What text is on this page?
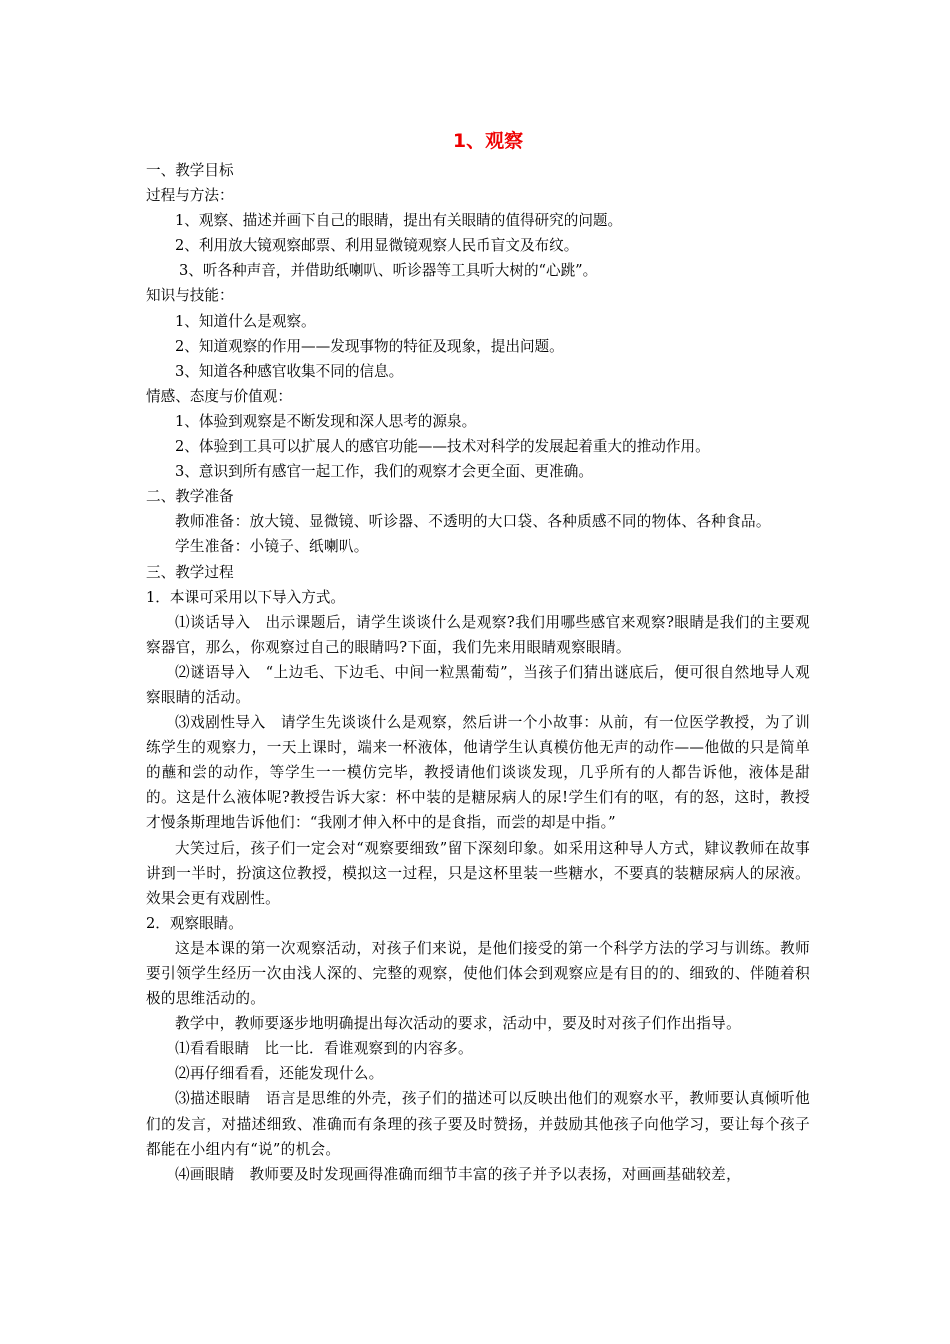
1、观察

一、教学目标

过程与方法：

1、观察、描述并画下自己的眼睛，提出有关眼睛的值得研究的问题。

2、利用放大镜观察邮票、利用显微镜观察人民币盲文及布纹。

3、听各种声音，并借助纸喇叭、听诊器等工具听大树的“心跳”。

知识与技能：

1、知道什么是观察。

2、知道观察的作用——发现事物的特征及现象，提出问题。

3、知道各种感官收集不同的信息。

情感、态度与价值观：

1、体验到观察是不断发现和深人思考的源泉。

2、体验到工具可以扩展人的感官功能——技术对科学的发展起着重大的推动作用。

3、意识到所有感官一起工作，我们的观察才会更全面、更准确。

二、教学准备

教师准备：放大镜、显微镜、听诊器、不透明的大口袋、各种质感不同的物体、各种食品。

学生准备：小镜子、纸喇叭。

三、教学过程

1．本课可采用以下导入方式。

⑴谈话导入　出示课题后，请学生谈谈什么是观察?我们用哪些感官来观察?眼睛是我们的主要观察器官，那么，你观察过自己的眼睛吗?下面，我们先来用眼睛观察眼睛。

⑵谜语导入　“上边毛、下边毛、中间一粒黑葡萄”，当孩子们猜出谜底后，便可很自然地导人观察眼睛的活动。

⑶戏剧性导入　请学生先谈谈什么是观察，然后讲一个小故事：从前，有一位医学教授，为了训练学生的观察力，一天上课时，端来一杯液体，他请学生认真模仿他无声的动作——他做的只是简单的蘸和尝的动作，等学生一一模仿完毕，教授请他们谈谈发现，几乎所有的人都告诉他，液体是甜的。这是什么液体呢?教授告诉大家：杯中装的是糖尿病人的尿!学生们有的呕，有的怒，这时，教授才慢条斯理地告诉他们：“我刚才伸入杯中的是食指，而尝的却是中指。”

大笑过后，孩子们一定会对“观察要细致”留下深刻印象。如采用这种导人方式，肄议教师在故事讲到一半时，扮演这位教授，模拟这一过程，只是这杯里装一些糖水，不要真的装糖尿病人的尿液。效果会更有戏剧性。

2．观察眼睛。

这是本课的第一次观察活动，对孩子们来说，是他们接受的第一个科学方法的学习与训练。教师要引领学生经历一次由浅人深的、完整的观察，使他们体会到观察应是有目的的、细致的、伴随着积极的思维活动的。

教学中，教师要逐步地明确提出每次活动的要求，活动中，要及时对孩子们作出指导。

⑴看看眼睛　比一比．看谁观察到的内容多。

⑵再仔细看看，还能发现什么。

⑶描述眼睛　语言是思维的外壳，孩子们的描述可以反映出他们的观察水平，教师要认真倾听他们的发言，对描述细致、准确而有条理的孩子要及时赞扬，并鼓励其他孩子向他学习，要让每个孩子都能在小组内有“说”的机会。

⑷画眼睛　教师要及时发现画得准确而细节丰富的孩子并予以表扬，对画画基础较差，
